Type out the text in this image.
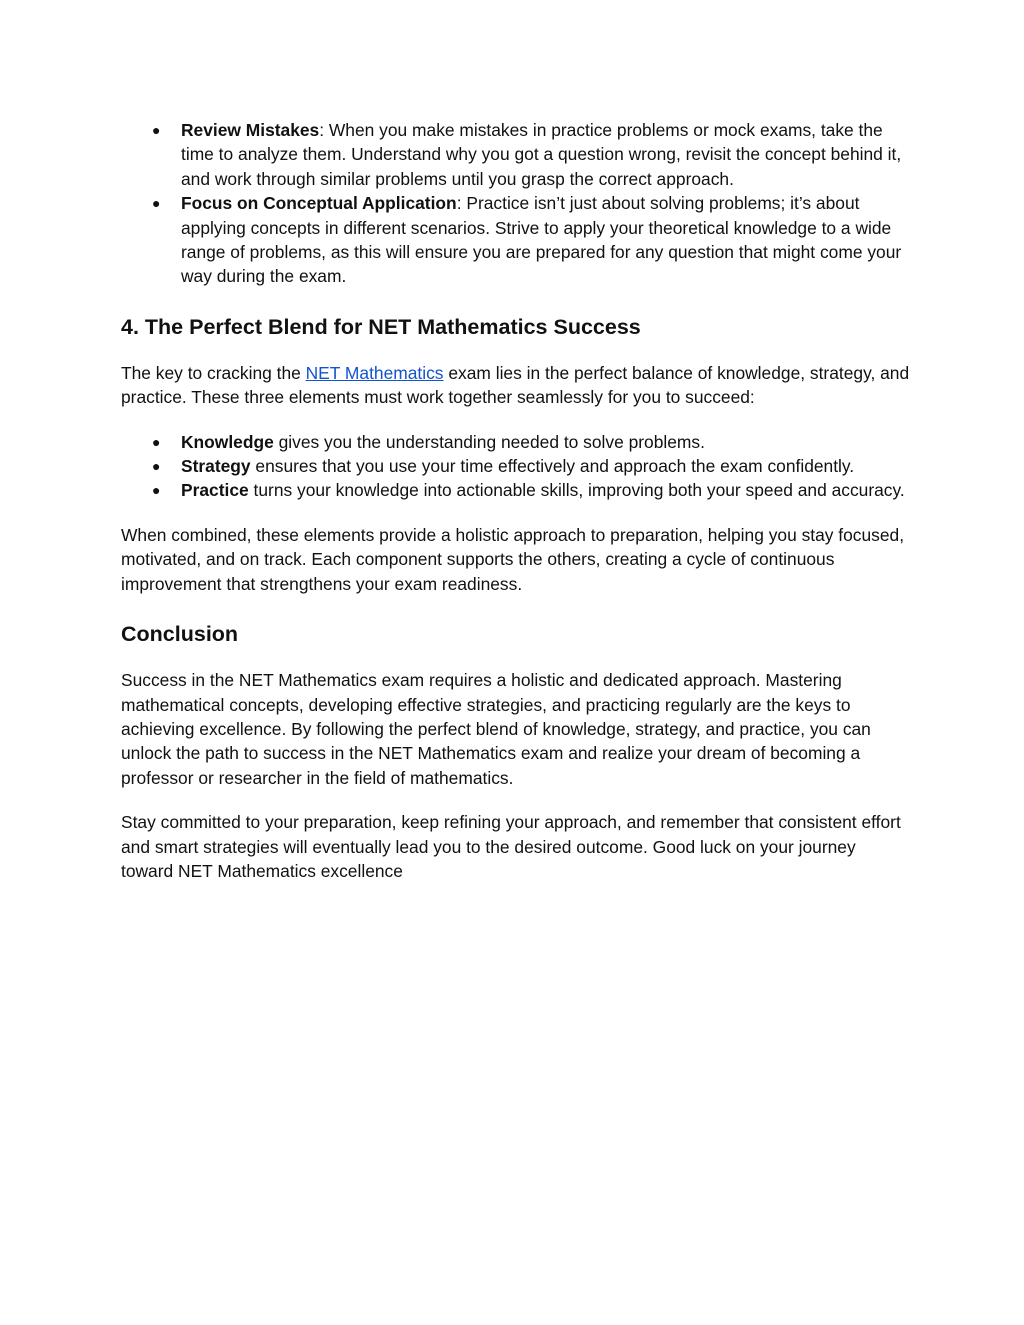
● Review Mistakes: When you make mistakes in practice problems or mock exams, take the time to analyze them. Understand why you got a question wrong, revisit the concept behind it, and work through similar problems until you grasp the correct approach.
● Focus on Conceptual Application: Practice isn’t just about solving problems; it’s about applying concepts in different scenarios. Strive to apply your theoretical knowledge to a wide range of problems, as this will ensure you are prepared for any question that might come your way during the exam.
4. The Perfect Blend for NET Mathematics Success

The key to cracking the NET Mathematics exam lies in the perfect balance of knowledge, strategy, and practice. These three elements must work together seamlessly for you to succeed:

● Knowledge gives you the understanding needed to solve problems.
● Strategy ensures that you use your time effectively and approach the exam confidently.
● Practice turns your knowledge into actionable skills, improving both your speed and accuracy.

When combined, these elements provide a holistic approach to preparation, helping you stay focused, motivated, and on track. Each component supports the others, creating a cycle of continuous improvement that strengthens your exam readiness.

Conclusion

Success in the NET Mathematics exam requires a holistic and dedicated approach. Mastering mathematical concepts, developing effective strategies, and practicing regularly are the keys to achieving excellence. By following the perfect blend of knowledge, strategy, and practice, you can unlock the path to success in the NET Mathematics exam and realize your dream of becoming a professor or researcher in the field of mathematics.

Stay committed to your preparation, keep refining your approach, and remember that consistent effort and smart strategies will eventually lead you to the desired outcome. Good luck on your journey toward NET Mathematics excellence
